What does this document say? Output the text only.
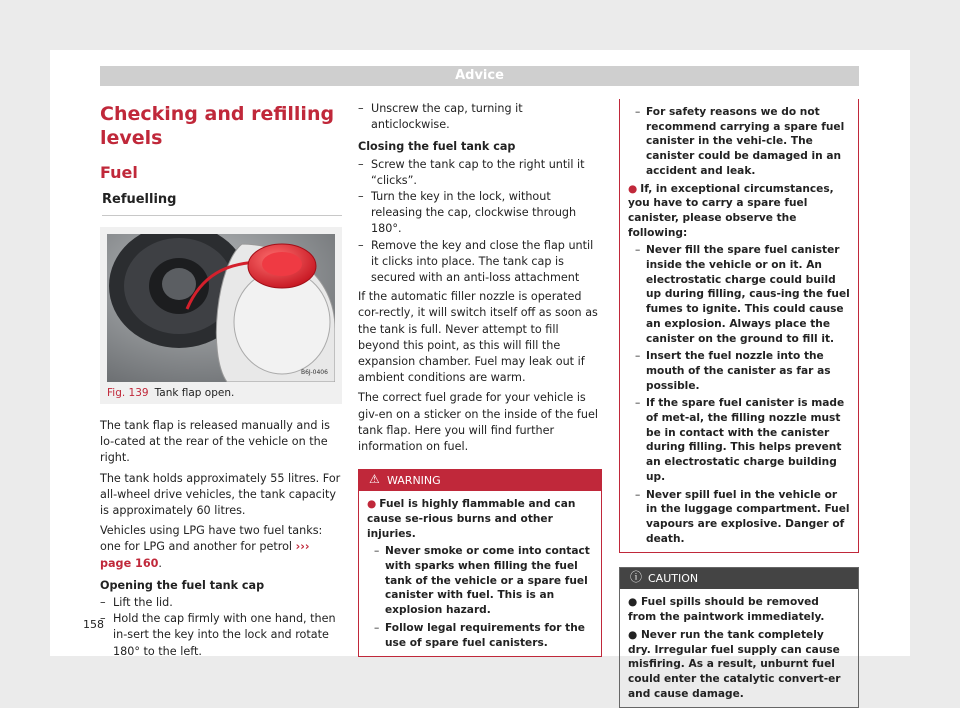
Advice
Checking and refilling levels
Fuel
Refuelling
B6J-0406
Fig. 139 Tank flap open.

The tank flap is released manually and is lo-cated at the rear of the vehicle on the right.

The tank holds approximately 55 litres. For all-wheel drive vehicles, the tank capacity is approximately 60 litres.

Vehicles using LPG have two fuel tanks: one for LPG and another for petrol ››› page 160.

Opening the fuel tank cap
– Lift the lid.
– Hold the cap firmly with one hand, then in-sert the key into the lock and rotate 180° to the left.
– Unscrew the cap, turning it anticlockwise.
Closing the fuel tank cap
– Screw the tank cap to the right until it “clicks”.
– Turn the key in the lock, without releasing the cap, clockwise through 180°.
– Remove the key and close the flap until it clicks into place. The tank cap is secured with an anti-loss attachment

If the automatic filler nozzle is operated cor-rectly, it will switch itself off as soon as the tank is full. Never attempt to fill beyond this point, as this will fill the expansion chamber. Fuel may leak out if ambient conditions are warm.

The correct fuel grade for your vehicle is giv-en on a sticker on the inside of the fuel tank flap. Here you will find further information on fuel.

⚠ WARNING
● Fuel is highly flammable and can cause se-rious burns and other injuries.
– Never smoke or come into contact with sparks when filling the fuel tank of the vehicle or a spare fuel canister with fuel. This is an explosion hazard.
– Follow legal requirements for the use of spare fuel canisters.
– For safety reasons we do not recommend carrying a spare fuel canister in the vehi-cle. The canister could be damaged in an accident and leak.
● If, in exceptional circumstances, you have to carry a spare fuel canister, please observe the following:
– Never fill the spare fuel canister inside the vehicle or on it. An electrostatic charge could build up during filling, caus-ing the fuel fumes to ignite. This could cause an explosion. Always place the canister on the ground to fill it.
– Insert the fuel nozzle into the mouth of the canister as far as possible.
– If the spare fuel canister is made of met-al, the filling nozzle must be in contact with the canister during filling. This helps prevent an electrostatic charge building up.
– Never spill fuel in the vehicle or in the luggage compartment. Fuel vapours are explosive. Danger of death.
ⓘ CAUTION
● Fuel spills should be removed from the paintwork immediately.
● Never run the tank completely dry. Irregular fuel supply can cause misfiring. As a result, unburnt fuel could enter the catalytic convert-er and cause damage.
158
